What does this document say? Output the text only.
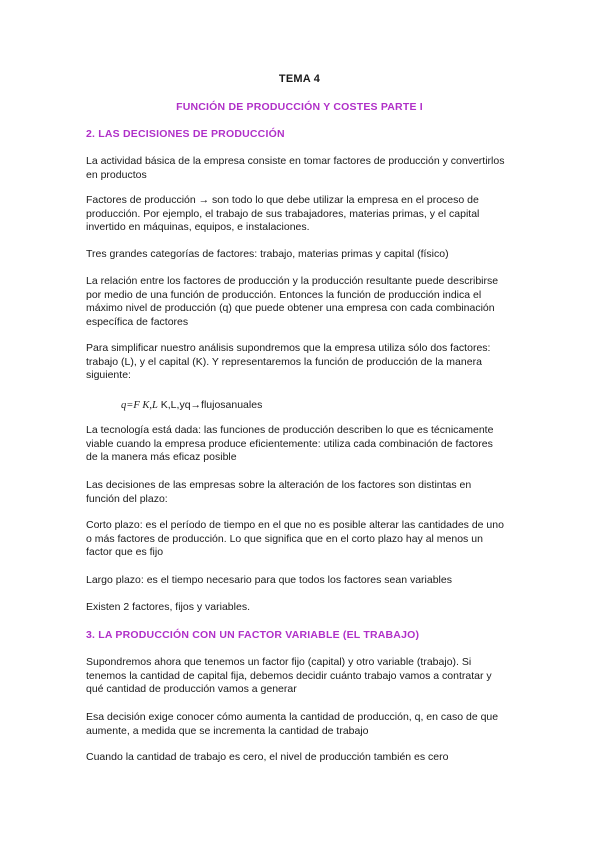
TEMA 4
FUNCIÓN DE PRODUCCIÓN Y COSTES PARTE I
2. LAS DECISIONES DE PRODUCCIÓN

La actividad básica de la empresa consiste en tomar factores de producción y convertirlos en productos

Factores de producción → son todo lo que debe utilizar la empresa en el proceso de producción. Por ejemplo, el trabajo de sus trabajadores, materias primas, y el capital invertido en máquinas, equipos, e instalaciones.

Tres grandes categorías de factores: trabajo, materias primas y capital (físico)

La relación entre los factores de producción y la producción resultante puede describirse por medio de una función de producción. Entonces la función de producción indica el máximo nivel de producción (q) que puede obtener una empresa con cada combinación específica de factores

Para simplificar nuestro análisis supondremos que la empresa utiliza sólo dos factores: trabajo (L), y el capital (K). Y representaremos la función de producción de la manera siguiente:

q=F K,L K,L,yq→flujosanuales

La tecnología está dada: las funciones de producción describen lo que es técnicamente viable cuando la empresa produce eficientemente: utiliza cada combinación de factores de la manera más eficaz posible

Las decisiones de las empresas sobre la alteración de los factores son distintas en función del plazo:

Corto plazo: es el período de tiempo en el que no es posible alterar las cantidades de uno o más factores de producción. Lo que significa que en el corto plazo hay al menos un factor que es fijo

Largo plazo: es el tiempo necesario para que todos los factores sean variables

Existen 2 factores, fijos y variables.

3. LA PRODUCCIÓN CON UN FACTOR VARIABLE (EL TRABAJO)

Supondremos ahora que tenemos un factor fijo (capital) y otro variable (trabajo). Si tenemos la cantidad de capital fija, debemos decidir cuánto trabajo vamos a contratar y qué cantidad de producción vamos a generar

Esa decisión exige conocer cómo aumenta la cantidad de producción, q, en caso de que aumente, a medida que se incrementa la cantidad de trabajo

Cuando la cantidad de trabajo es cero, el nivel de producción también es cero
